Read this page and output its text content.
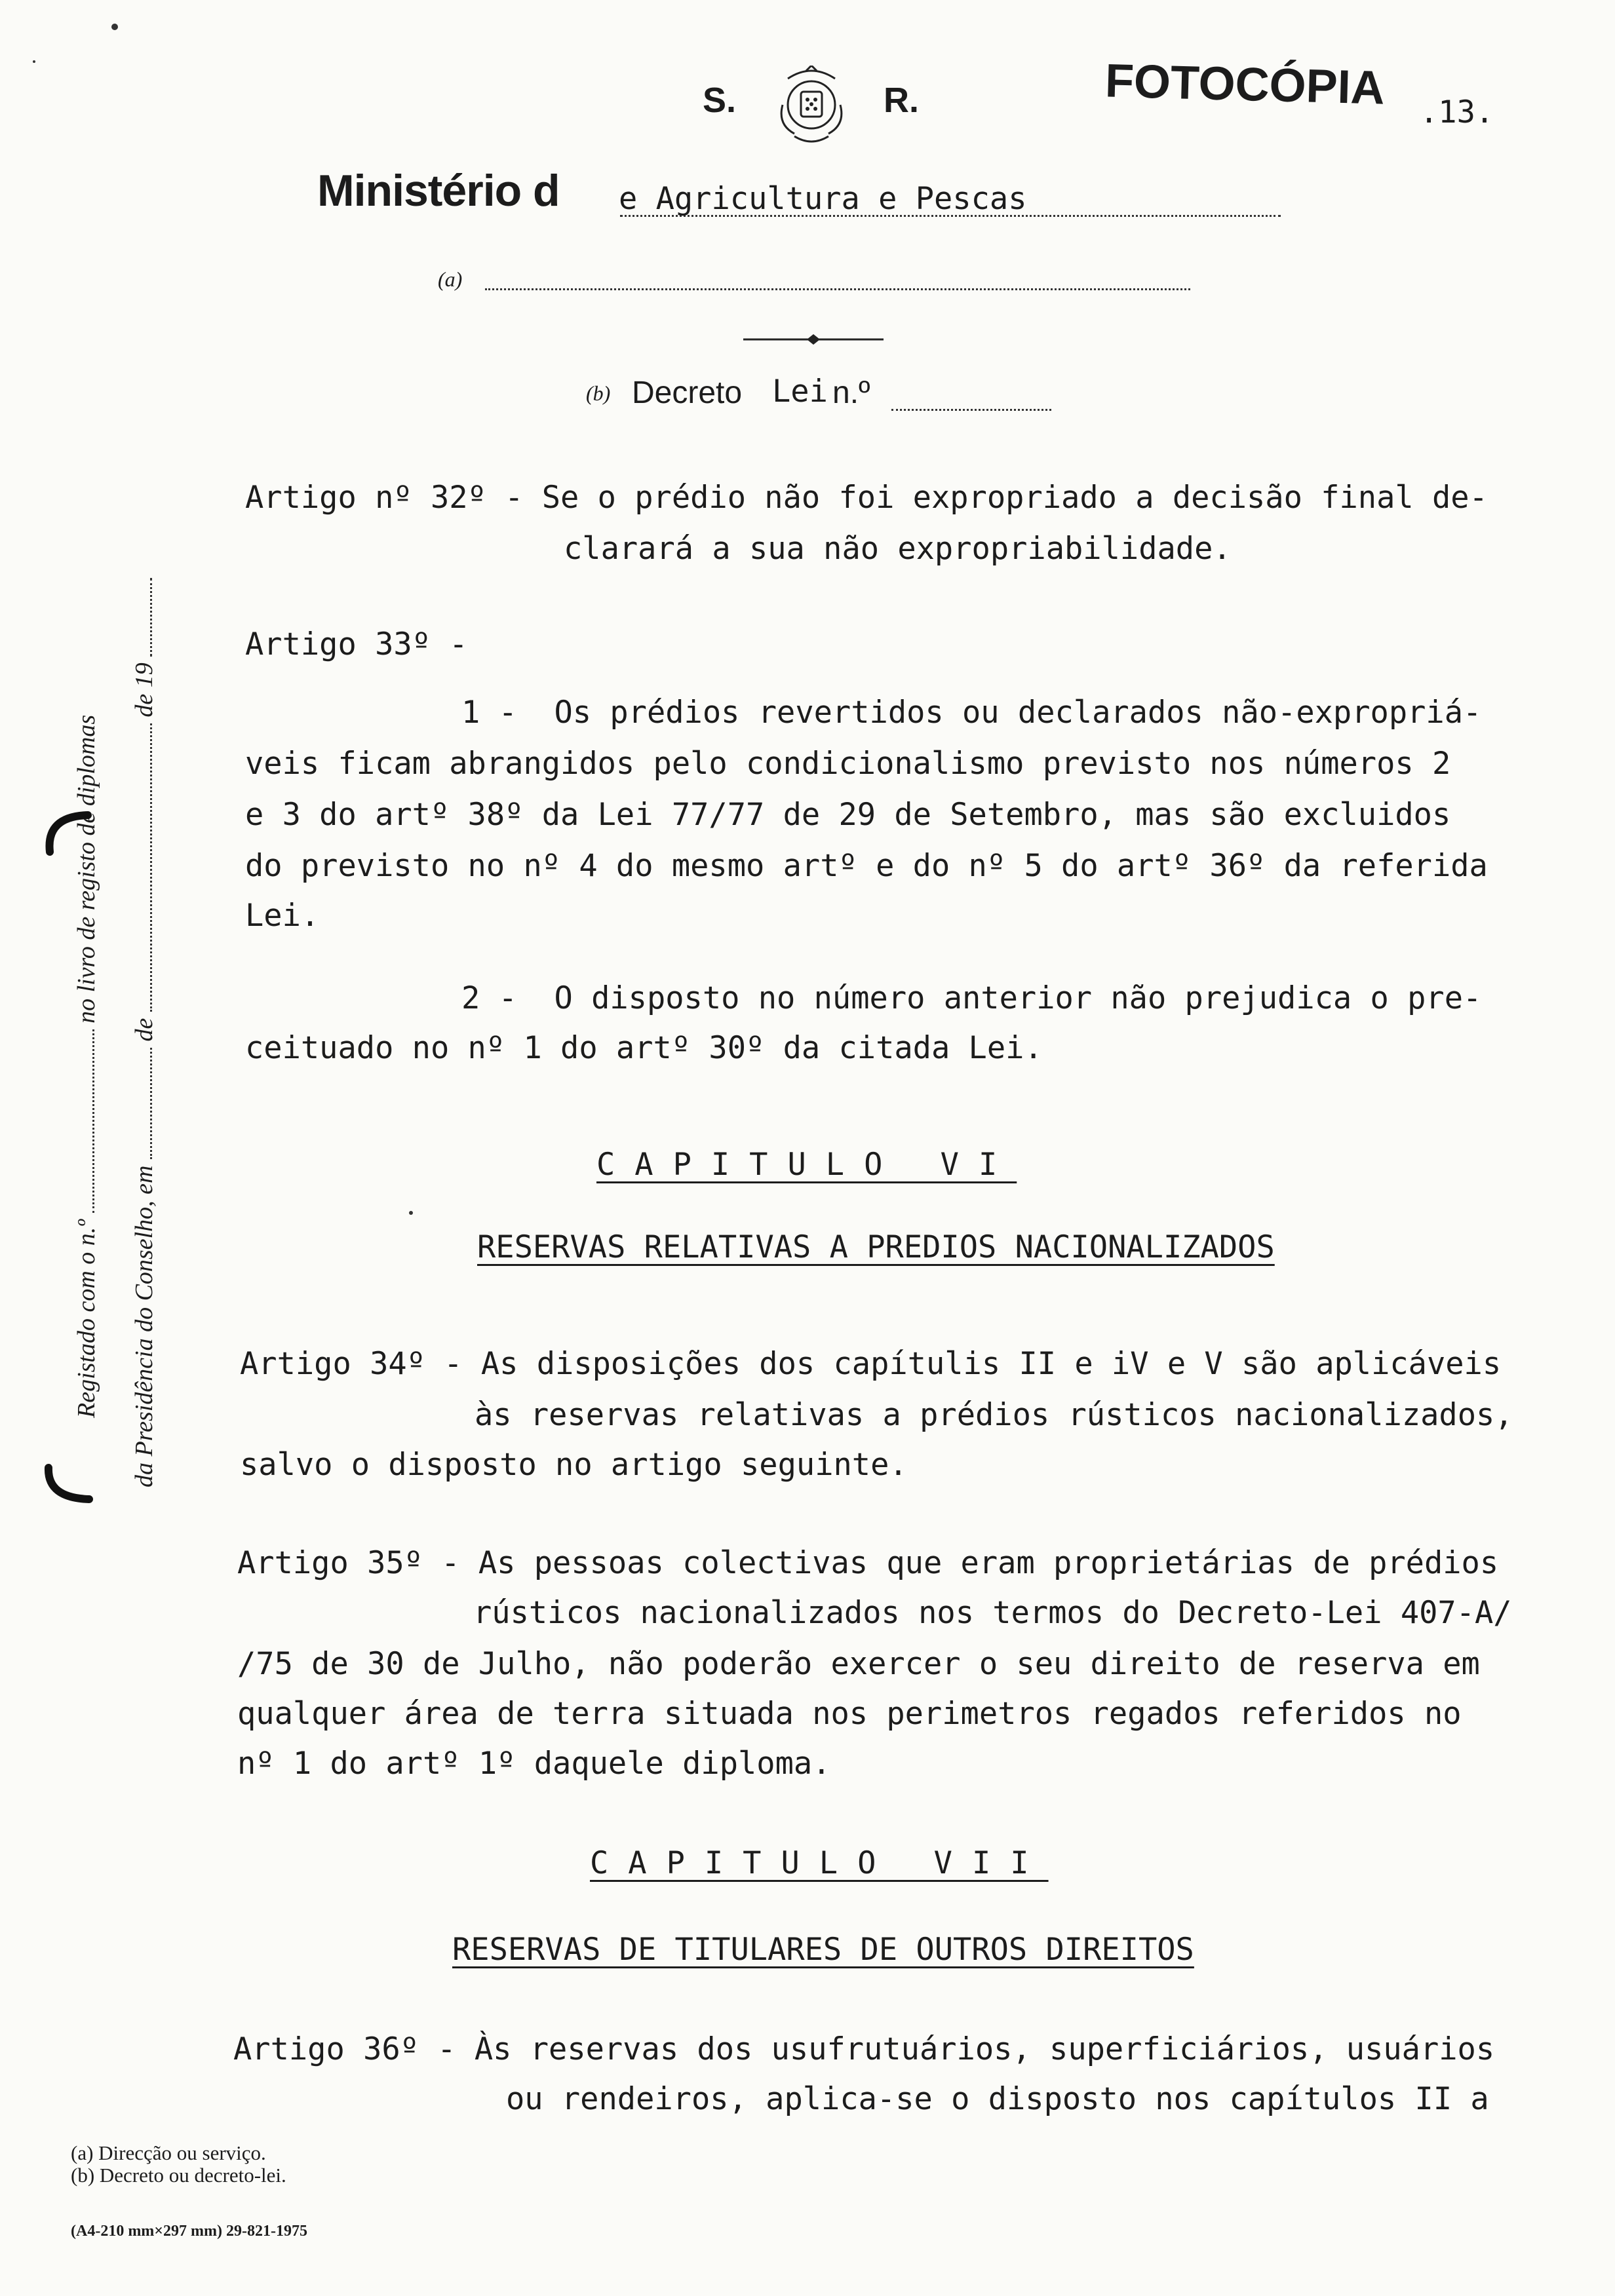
S.	R.	FOTOCÓPIA .13.
Ministério d e Agricultura e Pescas
(a)
(b) Decreto Lei n.º
Registado com o n.º  no livro de registo de diplomas
da Presidência do Conselho, em  de  de 19
Artigo nº 32º - Se o prédio não foi expropriado a decisão final de-
clarará a sua não expropriabilidade.
Artigo 33º -
1 -  Os prédios revertidos ou declarados não-expropriá-
veis ficam abrangidos pelo condicionalismo previsto nos números 2
e 3 do artº 38º da Lei 77/77 de 29 de Setembro, mas são excluidos
do previsto no nº 4 do mesmo artº e do nº 5 do artº 36º da referida
Lei.
2 -  O disposto no número anterior não prejudica o pre-
ceituado no nº 1 do artº 30º da citada Lei.
CAPITULO VI
RESERVAS RELATIVAS A PREDIOS NACIONALIZADOS
Artigo 34º - As disposições dos capítulis II e iV e V são aplicáveis
às reservas relativas a prédios rústicos nacionalizados,
salvo o disposto no artigo seguinte.
Artigo 35º - As pessoas colectivas que eram proprietárias de prédios
rústicos nacionalizados nos termos do Decreto-Lei 407-A/
/75 de 30 de Julho, não poderão exercer o seu direito de reserva em
qualquer área de terra situada nos perimetros regados referidos no
nº 1 do artº 1º daquele diploma.
CAPITULO VII
RESERVAS DE TITULARES DE OUTROS DIREITOS
Artigo 36º - Às reservas dos usufrutuários, superficiários, usuários
ou rendeiros, aplica-se o disposto nos capítulos II a
(a) Direcção ou serviço.
(b) Decreto ou decreto-lei.
(A4-210 mm×297 mm) 29-821-1975
